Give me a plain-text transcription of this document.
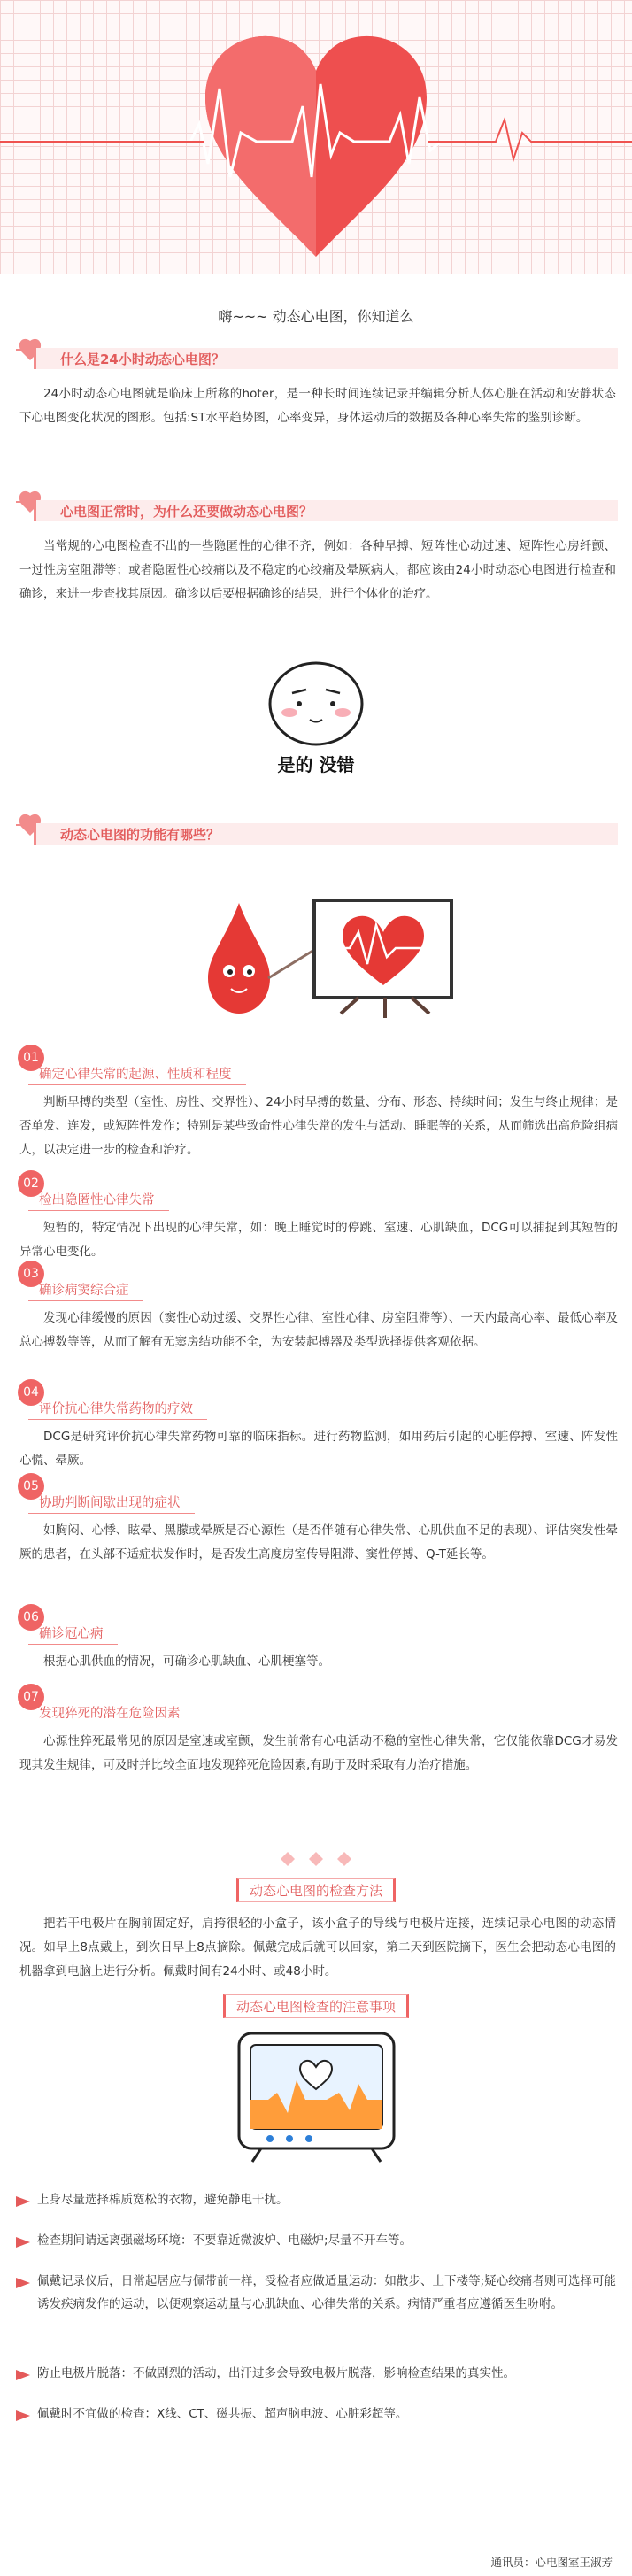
嗨~~~ 动态心电图，你知道么
什么是24小时动态心电图？
24小时动态心电图就是临床上所称的hoter，是一种长时间连续记录并编辑分析人体心脏在活动和安静状态下心电图变化状况的图形。包括:ST水平趋势图，心率变异，身体运动后的数据及各种心率失常的鉴别诊断。
心电图正常时，为什么还要做动态心电图？
当常规的心电图检查不出的一些隐匿性的心律不齐，例如：各种早搏、短阵性心动过速、短阵性心房纤颤、一过性房室阻滞等；或者隐匿性心绞痛以及不稳定的心绞痛及晕厥病人，都应该由24小时动态心电图进行检查和确诊，来进一步查找其原因。确诊以后要根据确诊的结果，进行个体化的治疗。
是的 没错
动态心电图的功能有哪些？
01
确定心律失常的起源、性质和程度
判断早搏的类型（室性、房性、交界性）、24小时早搏的数量、分布、形态、持续时间；发生与终止规律；是否单发、连发，或短阵性发作；特别是某些致命性心律失常的发生与活动、睡眠等的关系，从而筛选出高危险组病人，以决定进一步的检查和治疗。
02
检出隐匿性心律失常
短暂的，特定情况下出现的心律失常，如：晚上睡觉时的停跳、室速、心肌缺血，DCG可以捕捉到其短暂的异常心电变化。
03
确诊病窦综合症
发现心律缓慢的原因（窦性心动过缓、交界性心律、室性心律、房室阻滞等）、一天内最高心率、最低心率及总心搏数等等，从而了解有无窦房结功能不全，为安装起搏器及类型选择提供客观依据。
04
评价抗心律失常药物的疗效
DCG是研究评价抗心律失常药物可靠的临床指标。进行药物监测，如用药后引起的心脏停搏、室速、阵发性心慌、晕厥。
05
协助判断间歇出现的症状
如胸闷、心悸、眩晕、黑朦或晕厥是否心源性（是否伴随有心律失常、心肌供血不足的表现）、评估突发性晕厥的患者，在头部不适症状发作时，是否发生高度房室传导阻滞、窦性停搏、Q-T延长等。
06
确诊冠心病
根据心肌供血的情况，可确诊心肌缺血、心肌梗塞等。
07
发现猝死的潜在危险因素
心源性猝死最常见的原因是室速或室颤，发生前常有心电活动不稳的室性心律失常，它仅能依靠DCG才易发现其发生规律，可及时并比较全面地发现猝死危险因素,有助于及时采取有力治疗措施。
动态心电图的检查方法
把若干电极片在胸前固定好，肩挎很轻的小盒子，该小盒子的导线与电极片连接，连续记录心电图的动态情况。如早上8点戴上，到次日早上8点摘除。佩戴完成后就可以回家，第二天到医院摘下，医生会把动态心电图的机器拿到电脑上进行分析。佩戴时间有24小时、或48小时。
动态心电图检查的注意事项
上身尽量选择棉质宽松的衣物，避免静电干扰。
检查期间请远离强磁场环境：不要靠近微波炉、电磁炉;尽量不开车等。
佩戴记录仪后，日常起居应与佩带前一样，受检者应做适量运动：如散步、上下楼等;疑心绞痛者则可选择可能诱发疾病发作的运动，以便观察运动量与心肌缺血、心律失常的关系。病情严重者应遵循医生吩咐。
防止电极片脱落：不做剧烈的活动，出汗过多会导致电极片脱落，影响检查结果的真实性。
佩戴时不宜做的检查：X线、CT、磁共振、超声脑电波、心脏彩超等。
通讯员：心电图室王淑芳
